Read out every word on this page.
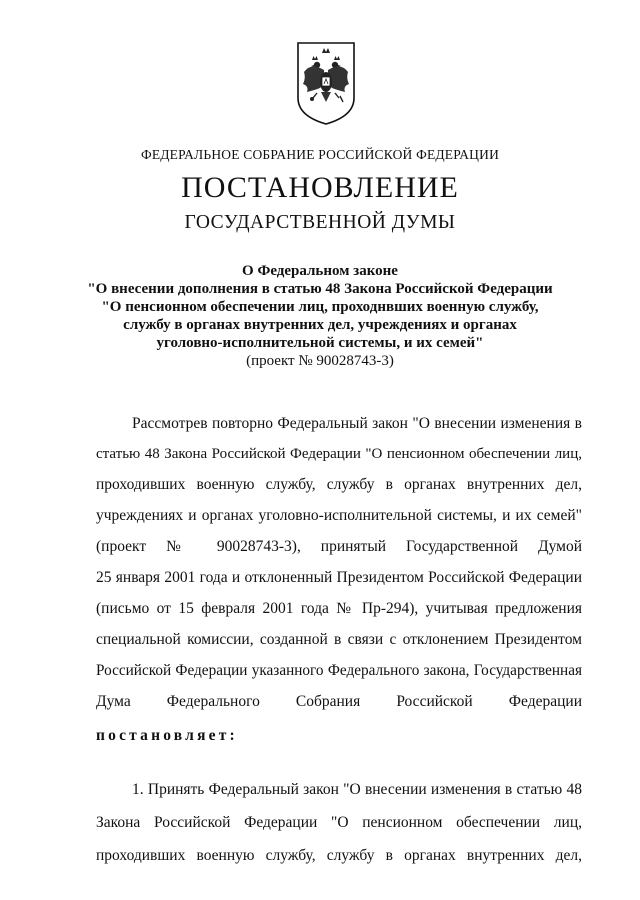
ФЕДЕРАЛЬНОЕ СОБРАНИЕ РОССИЙСКОЙ ФЕДЕРАЦИИ
ПОСТАНОВЛЕНИЕ
ГОСУДАРСТВЕННОЙ ДУМЫ
О Федеральном законе
"О внесении дополнения в статью 48 Закона Российской Федерации
"О пенсионном обеспечении лиц, проходнвших военную службу,
службу в органах внутренних дел, учреждениях и органах
уголовно-исполнительной системы, и их семей"
(проект № 90028743-3)
Рассмотрев повторно Федеральный закон "О внесении изменения в
статью 48 Закона Российской Федерации "О пенсионном обеспечении лиц,
проходивших военную службу, службу в органах внутренних дел,
учреждениях и органах уголовно-исполнительной системы, и их семей"
(проект № 90028743-3), принятый Государственной Думой
25 января 2001 года и отклоненный Президентом Российской Федерации
(письмо от 15 февраля 2001 года № Пр-294), учитывая предложения
специальной комиссии, созданной в связи с отклонением Президентом
Российской Федерации указанного Федерального закона, Государственная
Дума Федерального Собрания Российской Федерации
постановляет:
1. Принять Федеральный закон "О внесении изменения в статью 48
Закона Российской Федерации "О пенсионном обеспечении лиц,
проходивших военную службу, службу в органах внутренних дел,
